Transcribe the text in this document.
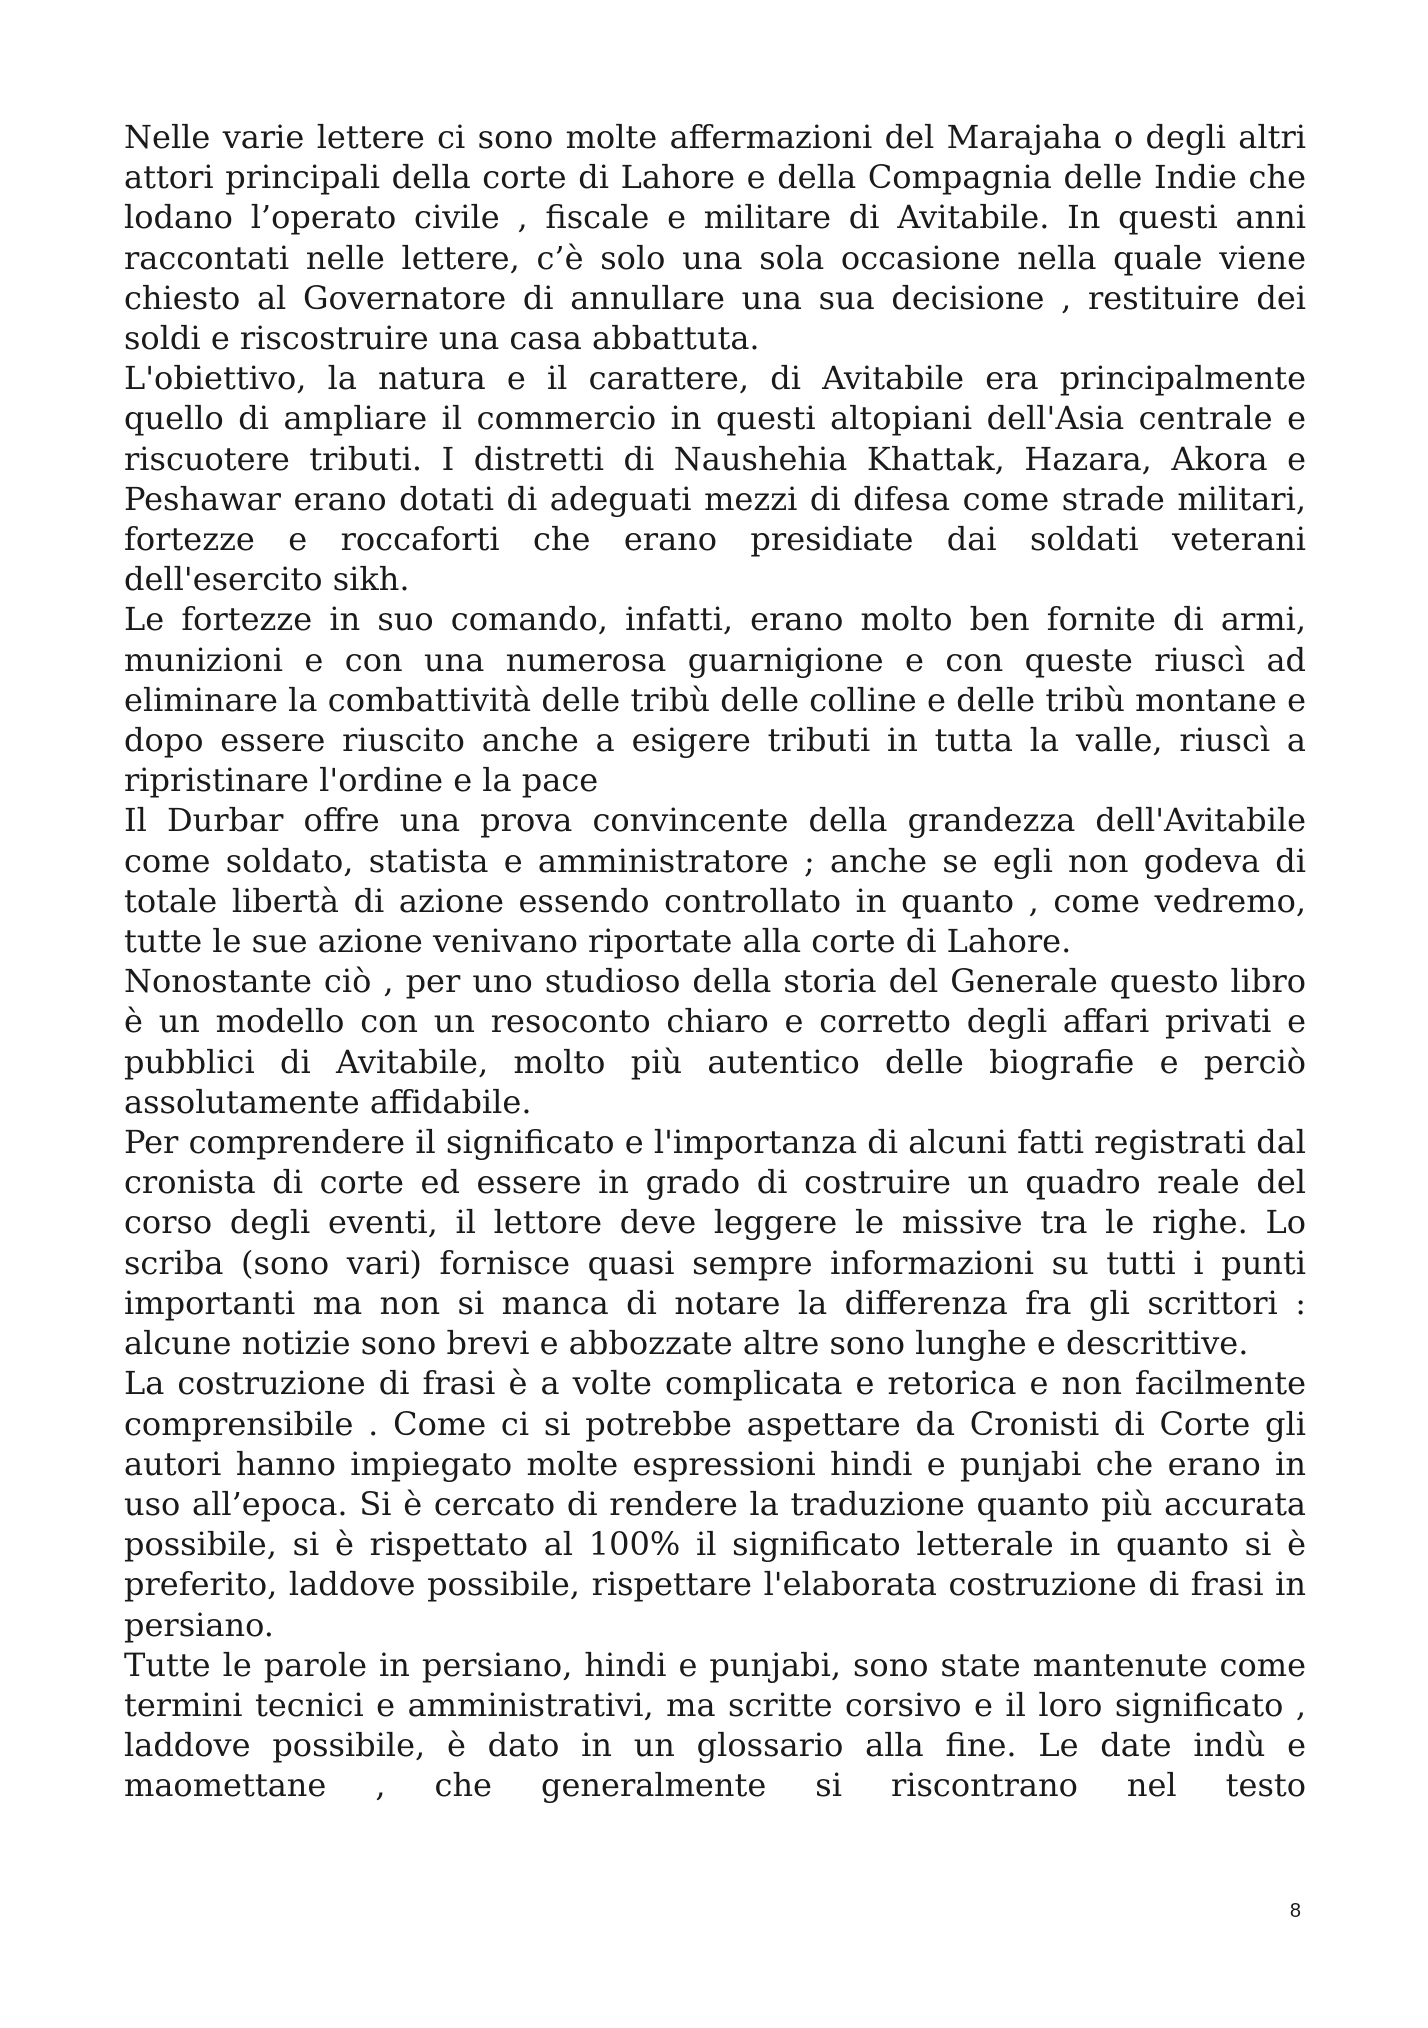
Nelle varie lettere ci sono molte affermazioni del Marajaha o degli altri attori principali della corte di Lahore e della Compagnia delle Indie che lodano l’operato civile , fiscale e militare di Avitabile. In questi anni raccontati nelle lettere, c’è solo una sola occasione nella quale viene chiesto al Governatore di annullare una sua decisione , restituire dei soldi e riscostruire una casa abbattuta.

L'obiettivo, la natura e il carattere, di Avitabile era principalmente quello di ampliare il commercio in questi altopiani dell'Asia centrale e riscuotere tributi. I distretti di Naushehia Khattak, Hazara, Akora e Peshawar erano dotati di adeguati mezzi di difesa come strade militari, fortezze e roccaforti che erano presidiate dai soldati veterani dell'esercito sikh.

Le fortezze in suo comando, infatti, erano molto ben fornite di armi, munizioni e con una numerosa guarnigione e con queste riuscì ad eliminare la combattività delle tribù delle colline e delle tribù montane e dopo essere riuscito anche a esigere tributi in tutta la valle, riuscì a ripristinare l'ordine e la pace

Il Durbar offre una prova convincente della grandezza dell'Avitabile come soldato, statista e amministratore ; anche se egli non godeva di totale libertà di azione essendo controllato in quanto , come vedremo, tutte le sue azione venivano riportate alla corte di Lahore.

Nonostante ciò , per uno studioso della storia del Generale questo libro è un modello con un resoconto chiaro e corretto degli affari privati e pubblici di Avitabile, molto più autentico delle biografie e perciò assolutamente affidabile.

Per comprendere il significato e l'importanza di alcuni fatti registrati dal cronista di corte ed essere in grado di costruire un quadro reale del corso degli eventi, il lettore deve leggere le missive tra le righe. Lo scriba (sono vari) fornisce quasi sempre informazioni su tutti i punti importanti ma non si manca di notare la differenza fra gli scrittori : alcune notizie sono brevi e abbozzate altre sono lunghe e descrittive.

La costruzione di frasi è a volte complicata e retorica e non facilmente comprensibile . Come ci si potrebbe aspettare da Cronisti di Corte gli autori hanno impiegato molte espressioni hindi e punjabi che erano in uso all’epoca. Si è cercato di rendere la traduzione quanto più accurata possibile, si è rispettato al 100% il significato letterale in quanto si è preferito, laddove possibile, rispettare l'elaborata costruzione di frasi in persiano.

Tutte le parole in persiano, hindi e punjabi, sono state mantenute come termini tecnici e amministrativi, ma scritte corsivo e il loro significato , laddove possibile, è dato in un glossario alla fine. Le date indù e maomettane , che generalmente si riscontrano nel testo

8
